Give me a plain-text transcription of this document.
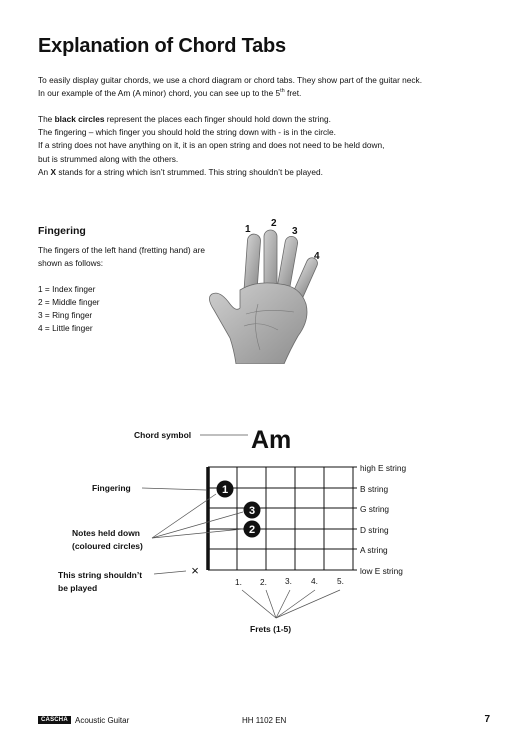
Explanation of Chord Tabs

To easily display guitar chords, we use a chord diagram or chord tabs. They show part of the guitar neck.

In our example of the Am (A minor) chord, you can see up to the 5th fret.

The black circles represent the places each finger should hold down the string.

The fingering – which finger you should hold the string down with - is in the circle.

If a string does not have anything on it, it is an open string and does not need to be held down,

but is strummed along with the others.

An X stands for a string which isn’t strummed. This string shouldn’t be played.

Fingering
The fingers of the left hand (fretting hand) are shown as follows:
1 = Index finger
2 = Middle finger
3 = Ring finger
4 = Little finger
1
2
3
4
Chord symbol Am
high E string
B string
G string
D string
A string
low E string
1
3
2
Fingering
Notes held down
(coloured circles)
This string shouldn’t
be played
×
1. 2. 3. 4. 5.
Frets (1-5)
CASCHA Acoustic Guitar	HH 1102 EN	7
